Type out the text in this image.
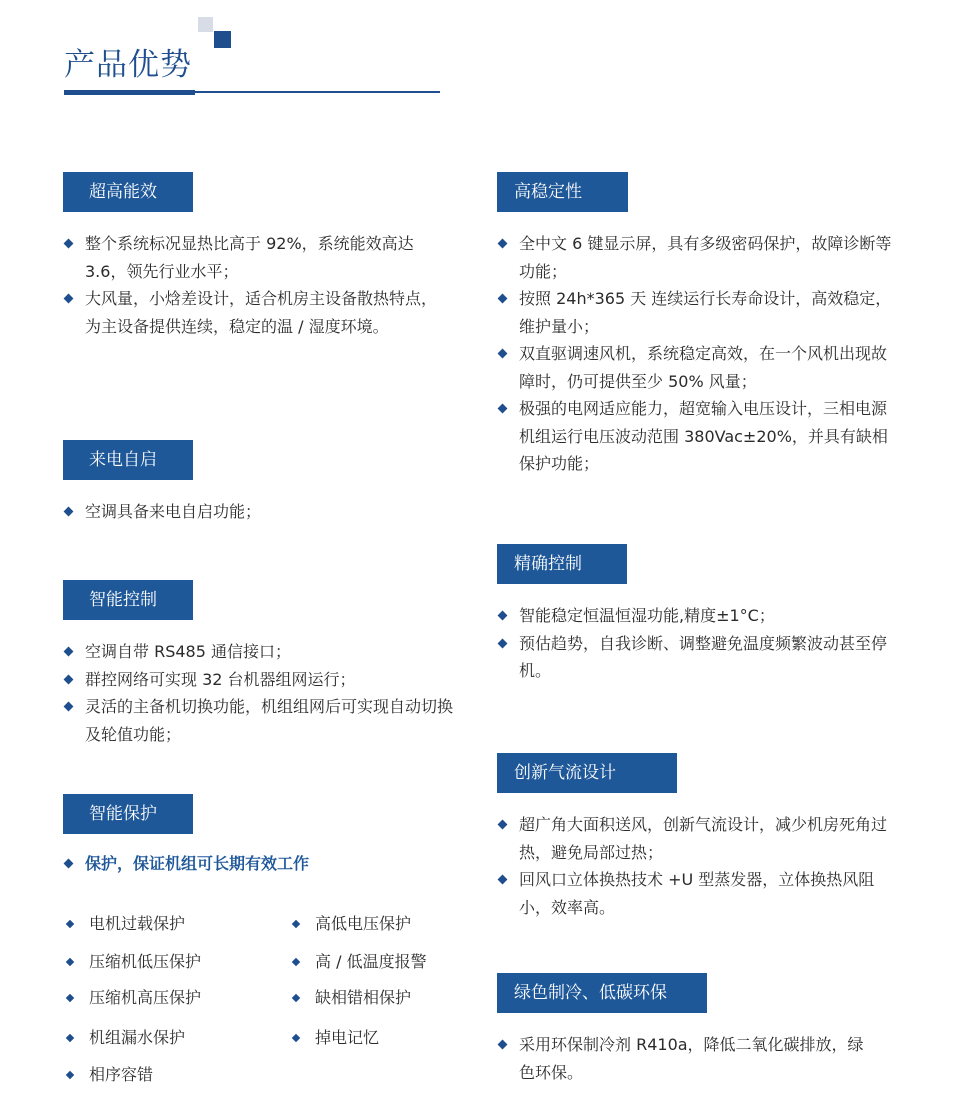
产品优势
超高能效
整个系统标况显热比高于 92%，系统能效高达 3.6，领先行业水平；
大风量，小焓差设计，适合机房主设备散热特点，为主设备提供连续，稳定的温 / 湿度环境。
来电自启
空调具备来电自启功能；
智能控制
空调自带 RS485 通信接口；
群控网络可实现 32 台机器组网运行；
灵活的主备机切换功能，机组组网后可实现自动切换及轮值功能；
智能保护
保护，保证机组可长期有效工作
电机过载保护
压缩机低压保护
压缩机高压保护
机组漏水保护
相序容错
高低电压保护
高 / 低温度报警
缺相错相保护
掉电记忆
高稳定性
全中文 6 键显示屏，具有多级密码保护，故障诊断等功能；
按照 24h*365 天 连续运行长寿命设计，高效稳定，维护量小；
双直驱调速风机，系统稳定高效，在一个风机出现故障时，仍可提供至少 50% 风量；
极强的电网适应能力，超宽输入电压设计，三相电源机组运行电压波动范围 380Vac±20%，并具有缺相保护功能；
精确控制
智能稳定恒温恒湿功能,精度±1°C；
预估趋势，自我诊断、调整避免温度频繁波动甚至停机。
创新气流设计
超广角大面积送风，创新气流设计，减少机房死角过热，避免局部过热；
回风口立体换热技术 +U 型蒸发器，立体换热风阻小，效率高。
绿色制冷、低碳环保
采用环保制冷剂 R410a，降低二氧化碳排放，绿色环保。
